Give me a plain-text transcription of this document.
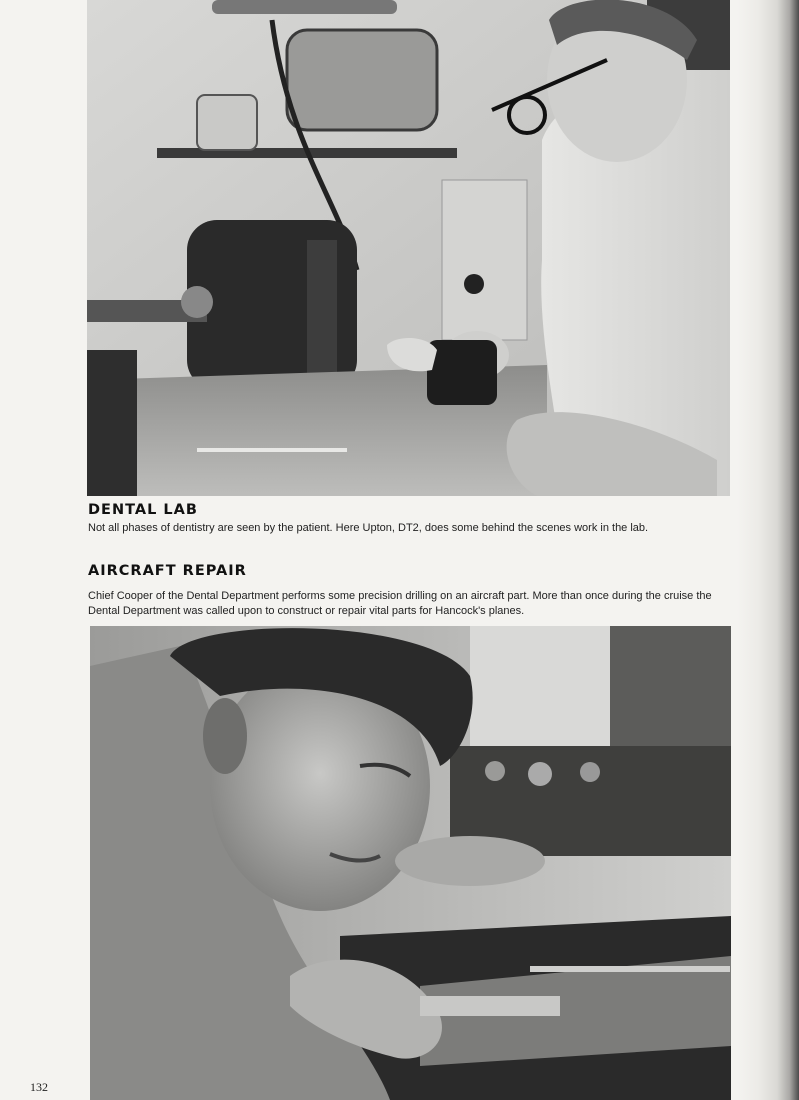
DENTAL LAB

Not all phases of dentistry are seen by the patient. Here Upton, DT2, does some behind the scenes work in the lab.

AIRCRAFT REPAIR

Chief Cooper of the Dental Department performs some precision drilling on an aircraft part. More than once during the cruise the Dental Department was called upon to construct or repair vital parts for Hancock's planes.

132
